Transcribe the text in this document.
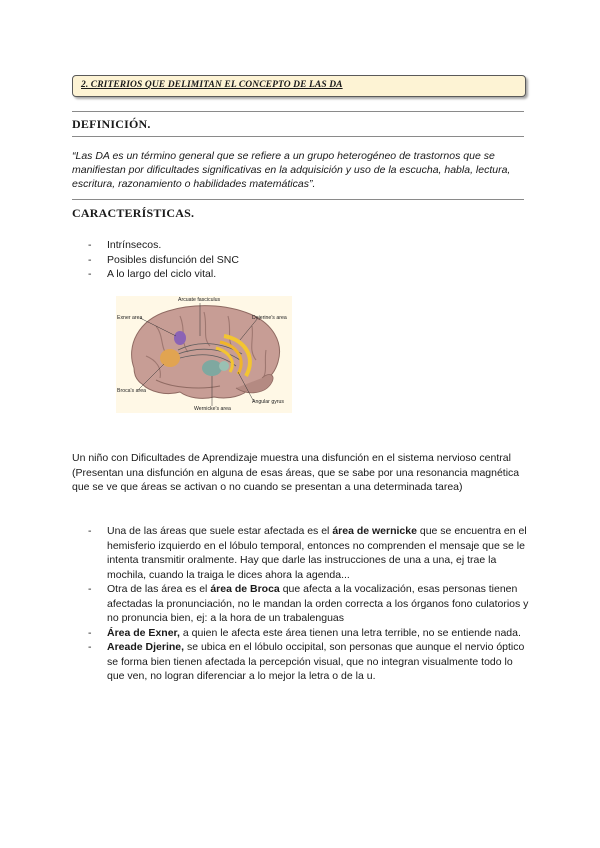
2. CRITERIOS QUE DELIMITAN EL CONCEPTO DE LAS DA
DEFINICIÓN.
“Las DA es un término general que se refiere a un grupo heterogéneo de trastornos que se manifiestan por dificultades significativas en la adquisición y uso de la escucha, habla, lectura, escritura, razonamiento o habilidades matemáticas”.
CARACTERÍSTICAS.
- Intrínsecos.
- Posibles disfunción del SNC
- A lo largo del ciclo vital.
Arcuate fasciculus
Exner area	Dejerine's area
Broca's area
Angular gyrus
Wernicke's area
Un niño con Dificultades de Aprendizaje muestra una disfunción en el sistema nervioso central (Presentan una disfunción en alguna de esas áreas, que se sabe por una resonancia magnética que se ve que áreas se activan o no cuando se presentan a una determinada tarea)
- Una de las áreas que suele estar afectada es el área de wernicke que se encuentra en el hemisferio izquierdo en el lóbulo temporal, entonces no comprenden el mensaje que se le intenta transmitir oralmente. Hay que darle las instrucciones de una a una, ej trae la mochila, cuando la traiga le dices ahora la agenda...
- Otra de las área es el área de Broca que afecta a la vocalización, esas personas tienen afectadas la pronunciación, no le mandan la orden correcta a los órganos fono culatorios y no pronuncia bien, ej: a la hora de un trabalenguas
- Área de Exner, a quien le afecta este área tienen una letra terrible, no se entiende nada.
- Areade Djerine, se ubica en el lóbulo occipital, son personas que aunque el nervio óptico se forma bien tienen afectada la percepción visual, que no integran visualmente todo lo que ven, no logran diferenciar a lo mejor la letra o de la u.
